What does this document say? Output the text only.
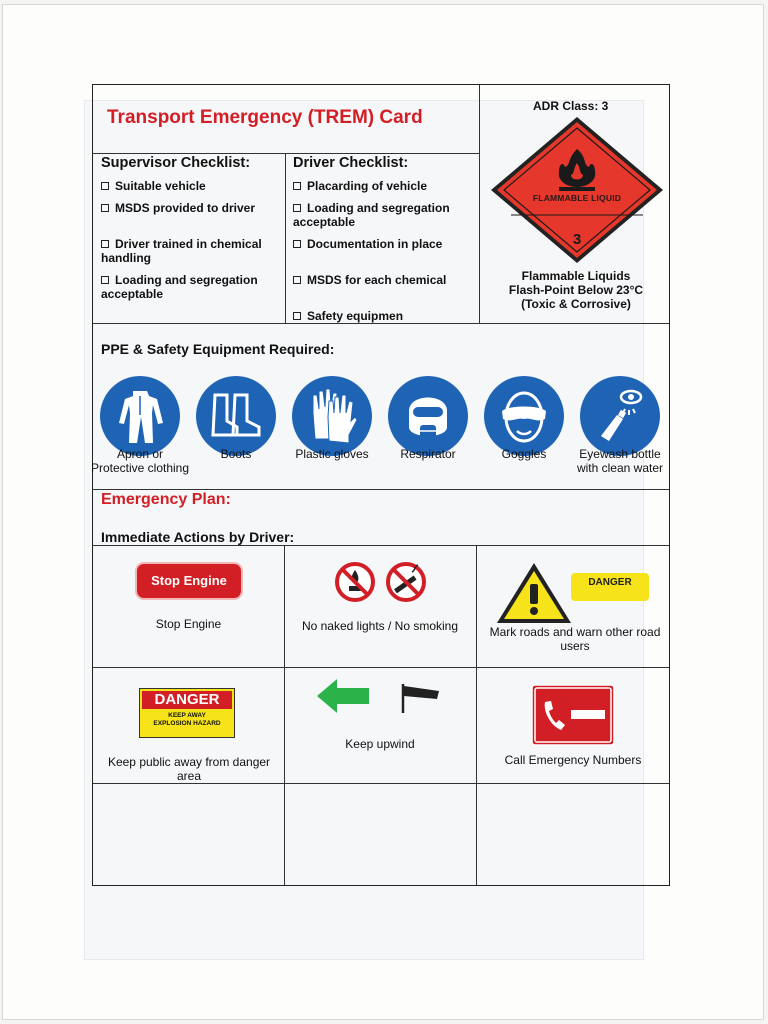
Transport Emergency (TREM) Card
Supervisor Checklist:
Suitable vehicle
MSDS provided to driver
Driver trained in chemical handling
Loading and segregation acceptable
Driver Checklist:
Placarding of vehicle
Loading and segregation acceptable
Documentation in place
MSDS for each chemical
Safety equipmen
ADR Class: 3
3
FLAMMABLE LIQUID
Flammable Liquids
Flash-Point Below 23°C
(Toxic & Corrosive)
PPE & Safety Equipment Required:
Apron or Protective clothing
Boots	Plastic gloves	Respirator	Goggles	Eyewash bottle with clean water
Emergency Plan:
Immediate Actions by Driver:
Stop Engine
Stop Engine	No naked lights / No smoking
DANGER
Mark roads and warn other road users
DANGER
KEEP AWAY
EXPLOSION HAZARD
Keep public away from danger area
Keep upwind
Call Emergency Numbers
